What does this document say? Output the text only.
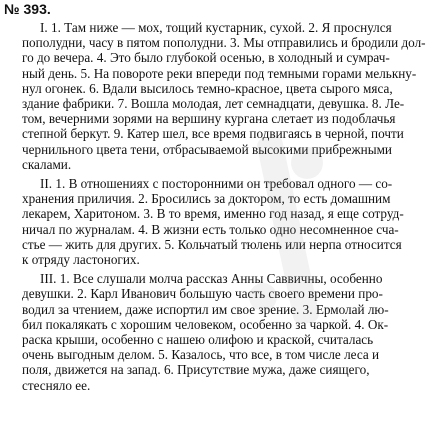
№ 393.
I. 1. Там ниже — мох, тощий кустарник, сухой. 2. Я проснулся
пополудни, часу в пятом пополудни. 3. Мы отправились и бродили дол-
го до вечера. 4. Это было глубокой осенью, в холодный и сумрач-
ный день. 5. На повороте реки впереди под темными горами мелькну-
нул огонек. 6. Вдали высилось темно-красное, цвета сырого мяса,
здание фабрики. 7. Вошла молодая, лет семнадцати, девушка. 8. Ле-
том, вечерними зорями на вершину кургана слетает из подоблачья
степной беркут. 9. Катер шел, все время подвигаясь в черной, почти
чернильного цвета тени, отбрасываемой высокими прибрежными
скалами.
II. 1. В отношениях с посторонними он требовал одного — со-
хранения приличия. 2. Бросились за доктором, то есть домашним
лекарем, Харитоном. 3. В то время, именно год назад, я еще сотруд-
ничал по журналам. 4. В жизни есть только одно несомненное сча-
стье — жить для других. 5. Кольчатый тюлень или нерпа относится
к отряду ластоногих.
III. 1. Все слушали молча рассказ Анны Саввичны, особенно
девушки. 2. Карл Иванович большую часть своего времени про-
водил за чтением, даже испортил им свое зрение. 3. Ермолай лю-
бил покалякать с хорошим человеком, особенно за чаркой. 4. Ок-
раска крыши, особенно с нашею олифою и краской, считалась
очень выгодным делом. 5. Казалось, что все, в том числе леса и
поля, движется на запад. 6. Присутствие мужа, даже сиящего,
стесняло ее.
